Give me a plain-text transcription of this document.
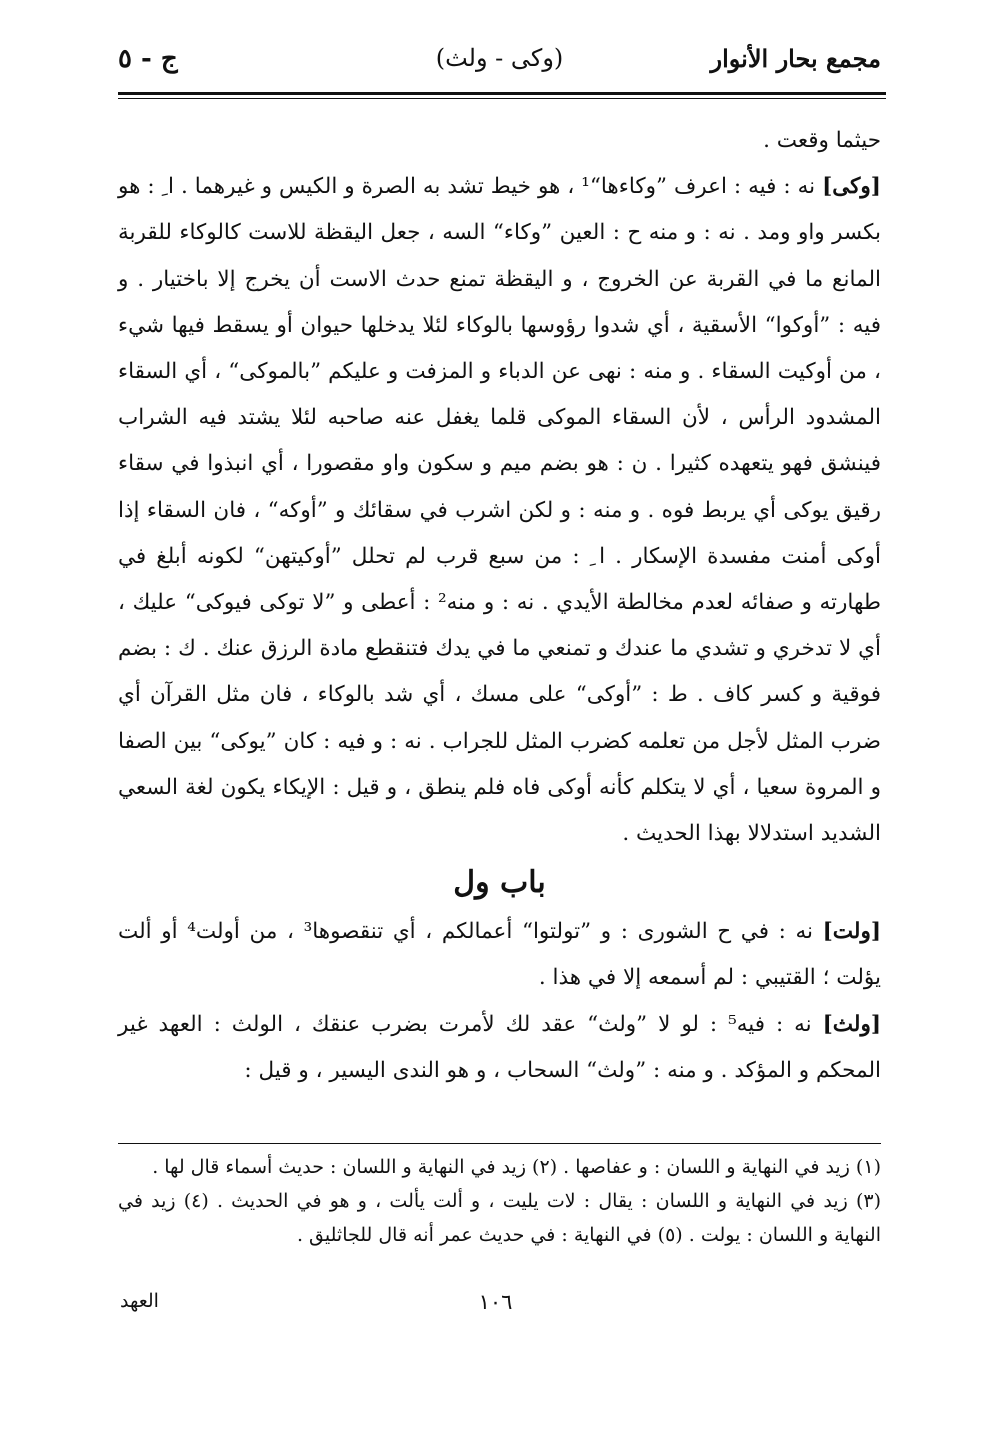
مجمع بحار الأنوار
(وكى - ولث)
ج - ٥

حيثما وقعت .

[وكى] نه : فيه : اعرف ”وكاءها“¹ ، هو خيط تشد به الصرة و الكيس و غيرهما . ا ِ : هو بكسر واو ومد . نه : و منه ح : العين ”وكاء“ السه ، جعل اليقظة للاست كالوكاء للقربة المانع ما في القربة عن الخروج ، و اليقظة تمنع حدث الاست أن يخرج إلا باختيار . و فيه : ”أوكوا“ الأسقية ، أي شدوا رؤوسها بالوكاء لئلا يدخلها حيوان أو يسقط فيها شيء ، من أوكيت السقاء . و منه : نهى عن الدباء و المزفت و عليكم ”بالموكى“ ، أي السقاء المشدود الرأس ، لأن السقاء الموكى قلما يغفل عنه صاحبه لئلا يشتد فيه الشراب فينشق فهو يتعهده كثيرا . ن : هو بضم ميم و سكون واو مقصورا ، أي انبذوا في سقاء رقيق يوكى أي يربط فوه . و منه : و لكن اشرب في سقائك و ”أوكه“ ، فان السقاء إذا أوكى أمنت مفسدة الإسكار . ا ِ : من سبع قرب لم تحلل ”أوكيتهن“ لكونه أبلغ في طهارته و صفائه لعدم مخالطة الأيدي . نه : و منه² : أعطى و ”لا توكى فيوكى“ عليك ، أي لا تدخري و تشدي ما عندك و تمنعي ما في يدك فتنقطع مادة الرزق عنك . ك : بضم فوقية و كسر كاف . ط : ”أوكى“ على مسك ، أي شد بالوكاء ، فان مثل القرآن أي ضرب المثل لأجل من تعلمه كضرب المثل للجراب . نه : و فيه : كان ”يوكى“ بين الصفا و المروة سعيا ، أي لا يتكلم كأنه أوكى فاه فلم ينطق ، و قيل : الإيكاء يكون لغة السعي الشديد استدلالا بهذا الحديث .

باب ول

[ولت] نه : في ح الشورى : و ”تولتوا“ أعمالكم ، أي تنقصوها³ ، من أولت⁴ أو ألت يؤلت ؛ القتيبي : لم أسمعه إلا في هذا .

[ولث] نه : فيه⁵ : لو لا ”ولث“ عقد لك لأمرت بضرب عنقك ، الولث : العهد غير المحكم و المؤكد . و منه : ”ولث“ السحاب ، و هو الندى اليسير ، و قيل :

(١) زيد في النهاية و اللسان : و عفاصها . (٢) زيد في النهاية و اللسان : حديث أسماء قال لها .

(٣) زيد في النهاية و اللسان : يقال : لات يليت ، و ألت يألت ، و هو في الحديث . (٤) زيد في النهاية و اللسان : يولت . (٥) في النهاية : في حديث عمر أنه قال للجاثليق .

العهد	١٠٦
